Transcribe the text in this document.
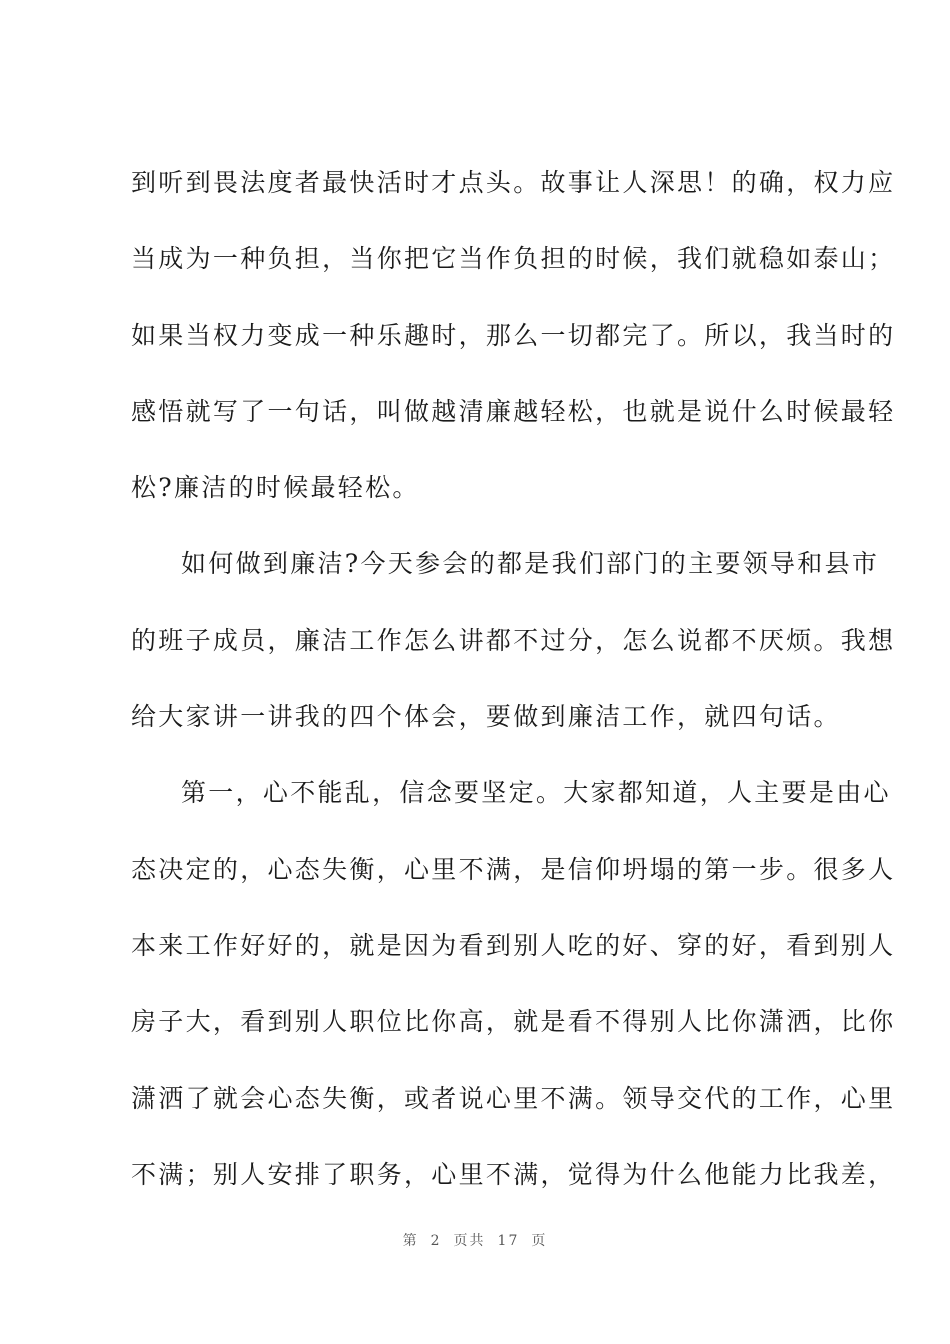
到听到畏法度者最快活时才点头。故事让人深思！的确，权力应
当成为一种负担，当你把它当作负担的时候，我们就稳如泰山；
如果当权力变成一种乐趣时，那么一切都完了。所以，我当时的
感悟就写了一句话，叫做越清廉越轻松，也就是说什么时候最轻
松?廉洁的时候最轻松。
如何做到廉洁?今天参会的都是我们部门的主要领导和县市
的班子成员，廉洁工作怎么讲都不过分，怎么说都不厌烦。我想
给大家讲一讲我的四个体会，要做到廉洁工作，就四句话。
第一，心不能乱，信念要坚定。大家都知道，人主要是由心
态决定的，心态失衡，心里不满，是信仰坍塌的第一步。很多人
本来工作好好的，就是因为看到别人吃的好、穿的好，看到别人
房子大，看到别人职位比你高，就是看不得别人比你潇洒，比你
潇洒了就会心态失衡，或者说心里不满。领导交代的工作，心里
不满；别人安排了职务，心里不满，觉得为什么他能力比我差，
第 2 页共 17 页
